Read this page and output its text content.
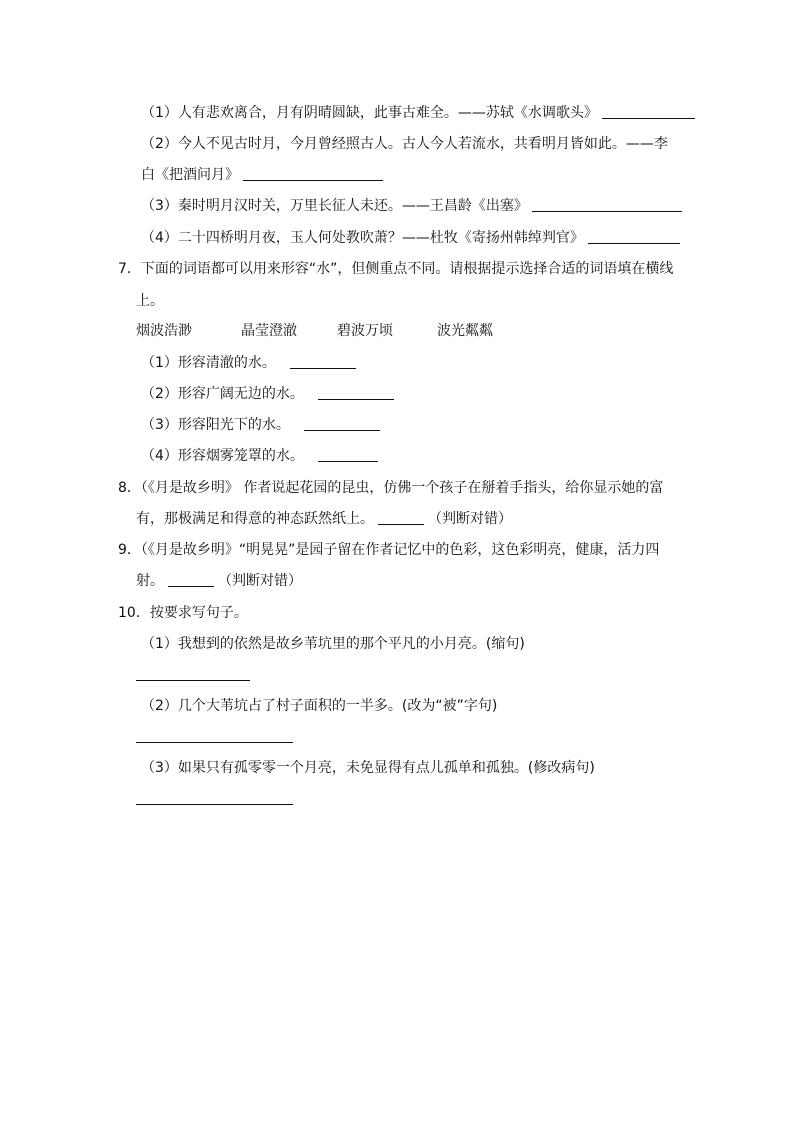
（1）人有悲欢离合，月有阴晴圆缺，此事古难全。——苏轼《水调歌头》
（2）今人不见古时月，今月曾经照古人。古人今人若流水，共看明月皆如此。——李
白《把酒问月》
（3）秦时明月汉时关，万里长征人未还。——王昌龄《出塞》
（4）二十四桥明月夜，玉人何处教吹萧？——杜牧《寄扬州韩绰判官》
7．下面的词语都可以用来形容“水”，但侧重点不同。请根据提示选择合适的词语填在横线
上。
烟波浩渺	晶莹澄澈	碧波万顷	波光粼粼
（1）形容清澈的水。
（2）形容广阔无边的水。
（3）形容阳光下的水。
（4）形容烟雾笼罩的水。
8．（《月是故乡明》 作者说起花园的昆虫，仿佛一个孩子在掰着手指头，给你显示她的富
有，那极满足和得意的神态跃然纸上。	（判断对错）
9．（《月是故乡明》“明晃晃”是园子留在作者记忆中的色彩，这色彩明亮，健康，活力四
射。	（判断对错）
10．按要求写句子。
（1）我想到的依然是故乡苇坑里的那个平凡的小月亮。(缩句)
（2）几个大苇坑占了村子面积的一半多。(改为“被”字句)
（3）如果只有孤零零一个月亮，未免显得有点儿孤单和孤独。(修改病句)
